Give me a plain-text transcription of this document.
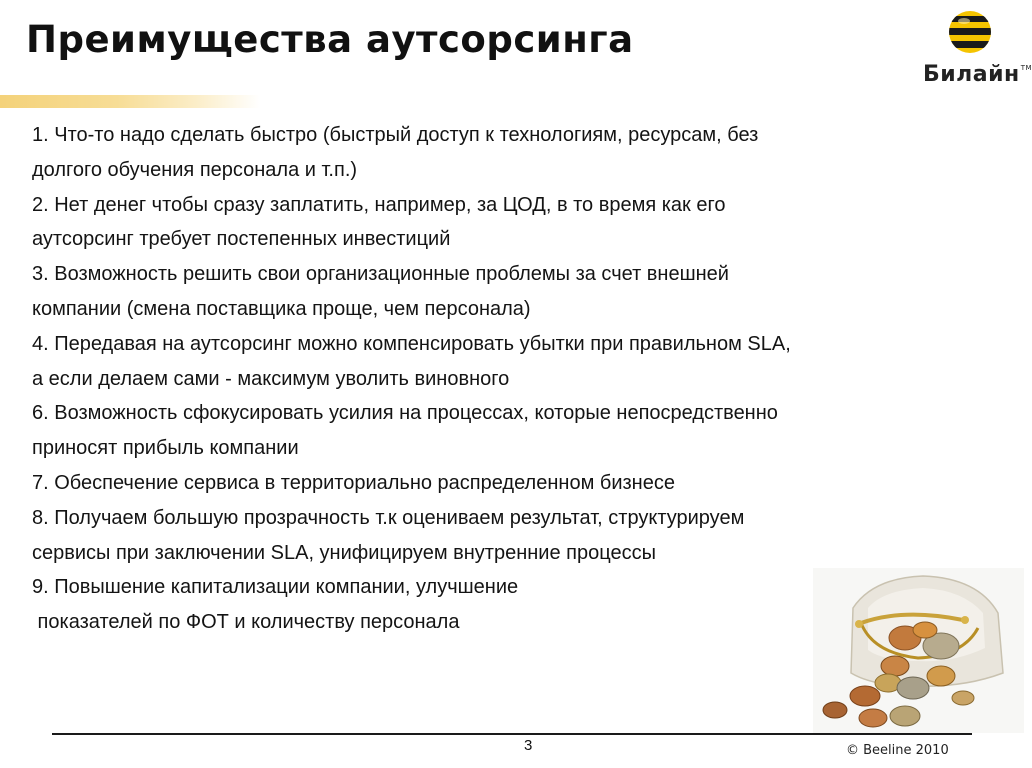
Преимущества аутсорсинга
Билайн™
1. Что-то надо сделать быстро (быстрый доступ к технологиям, ресурсам, без
долгого обучения персонала и т.п.)
2. Нет денег чтобы сразу заплатить, например, за ЦОД, в то время как его
аутсорсинг требует постепенных инвестиций
3. Возможность решить свои организационные проблемы за счет внешней
компании (смена поставщика проще, чем персонала)
4. Передавая на аутсорсинг можно компенсировать убытки при правильном SLA,
а если делаем сами - максимум уволить виновного
6. Возможность сфокусировать усилия на процессах, которые непосредственно
приносят прибыль компании
7. Обеспечение сервиса в территориально распределенном бизнесе
8. Получаем большую прозрачность т.к оцениваем результат, структурируем
сервисы при заключении SLA, унифицируем внутренние процессы
9. Повышение капитализации компании, улучшение
показателей по ФОТ и количеству персонала
3	© Beeline 2010
